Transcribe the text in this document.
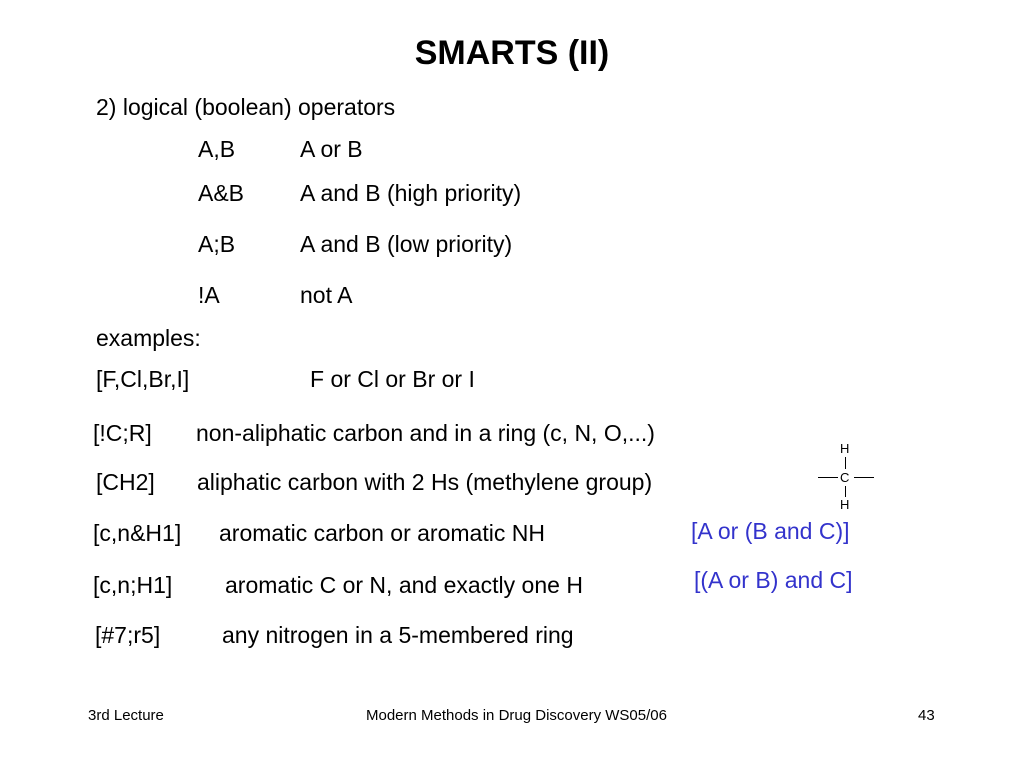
SMARTS (II)
2) logical (boolean) operators
A,B	A or B
A&B A and B (high priority)
A;B	A and B (low priority)
!A	not A
examples:
[F,Cl,Br,I]	F or Cl or Br or I
[!C;R] non-aliphatic carbon and in a ring (c, N, O,...)
[CH2] aliphatic carbon with 2 Hs (methylene group)
[c,n&H1] aromatic carbon or aromatic NH
[c,n;H1] aromatic C or N, and exactly one H
[#7;r5]	any nitrogen in a 5-membered ring
[A or (B and C)]
[(A or B) and C]
H
C
H
3rd Lecture	Modern Methods in Drug Discovery WS05/06	43
